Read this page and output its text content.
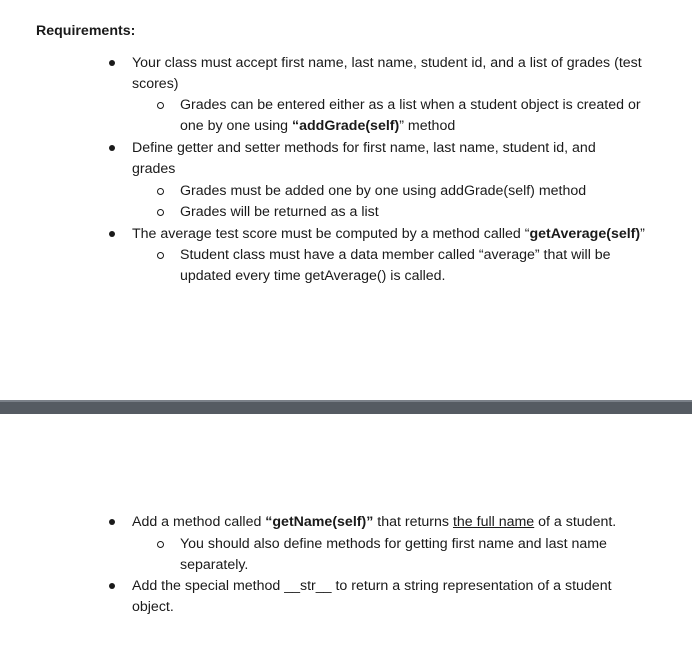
Requirements:
Your class must accept first name, last name, student id, and a list of grades (test
scores)
Grades can be entered either as a list when a student object is created or
one by one using “addGrade(self)” method
Define getter and setter methods for first name, last name, student id, and
grades
Grades must be added one by one using addGrade(self) method
Grades will be returned as a list
The average test score must be computed by a method called “getAverage(self)”
Student class must have a data member called “average” that will be
updated every time getAverage() is called.
Add a method called “getName(self)” that returns the full name of a student.
You should also define methods for getting first name and last name
separately.
Add the special method __str__ to return a string representation of a student
object.
